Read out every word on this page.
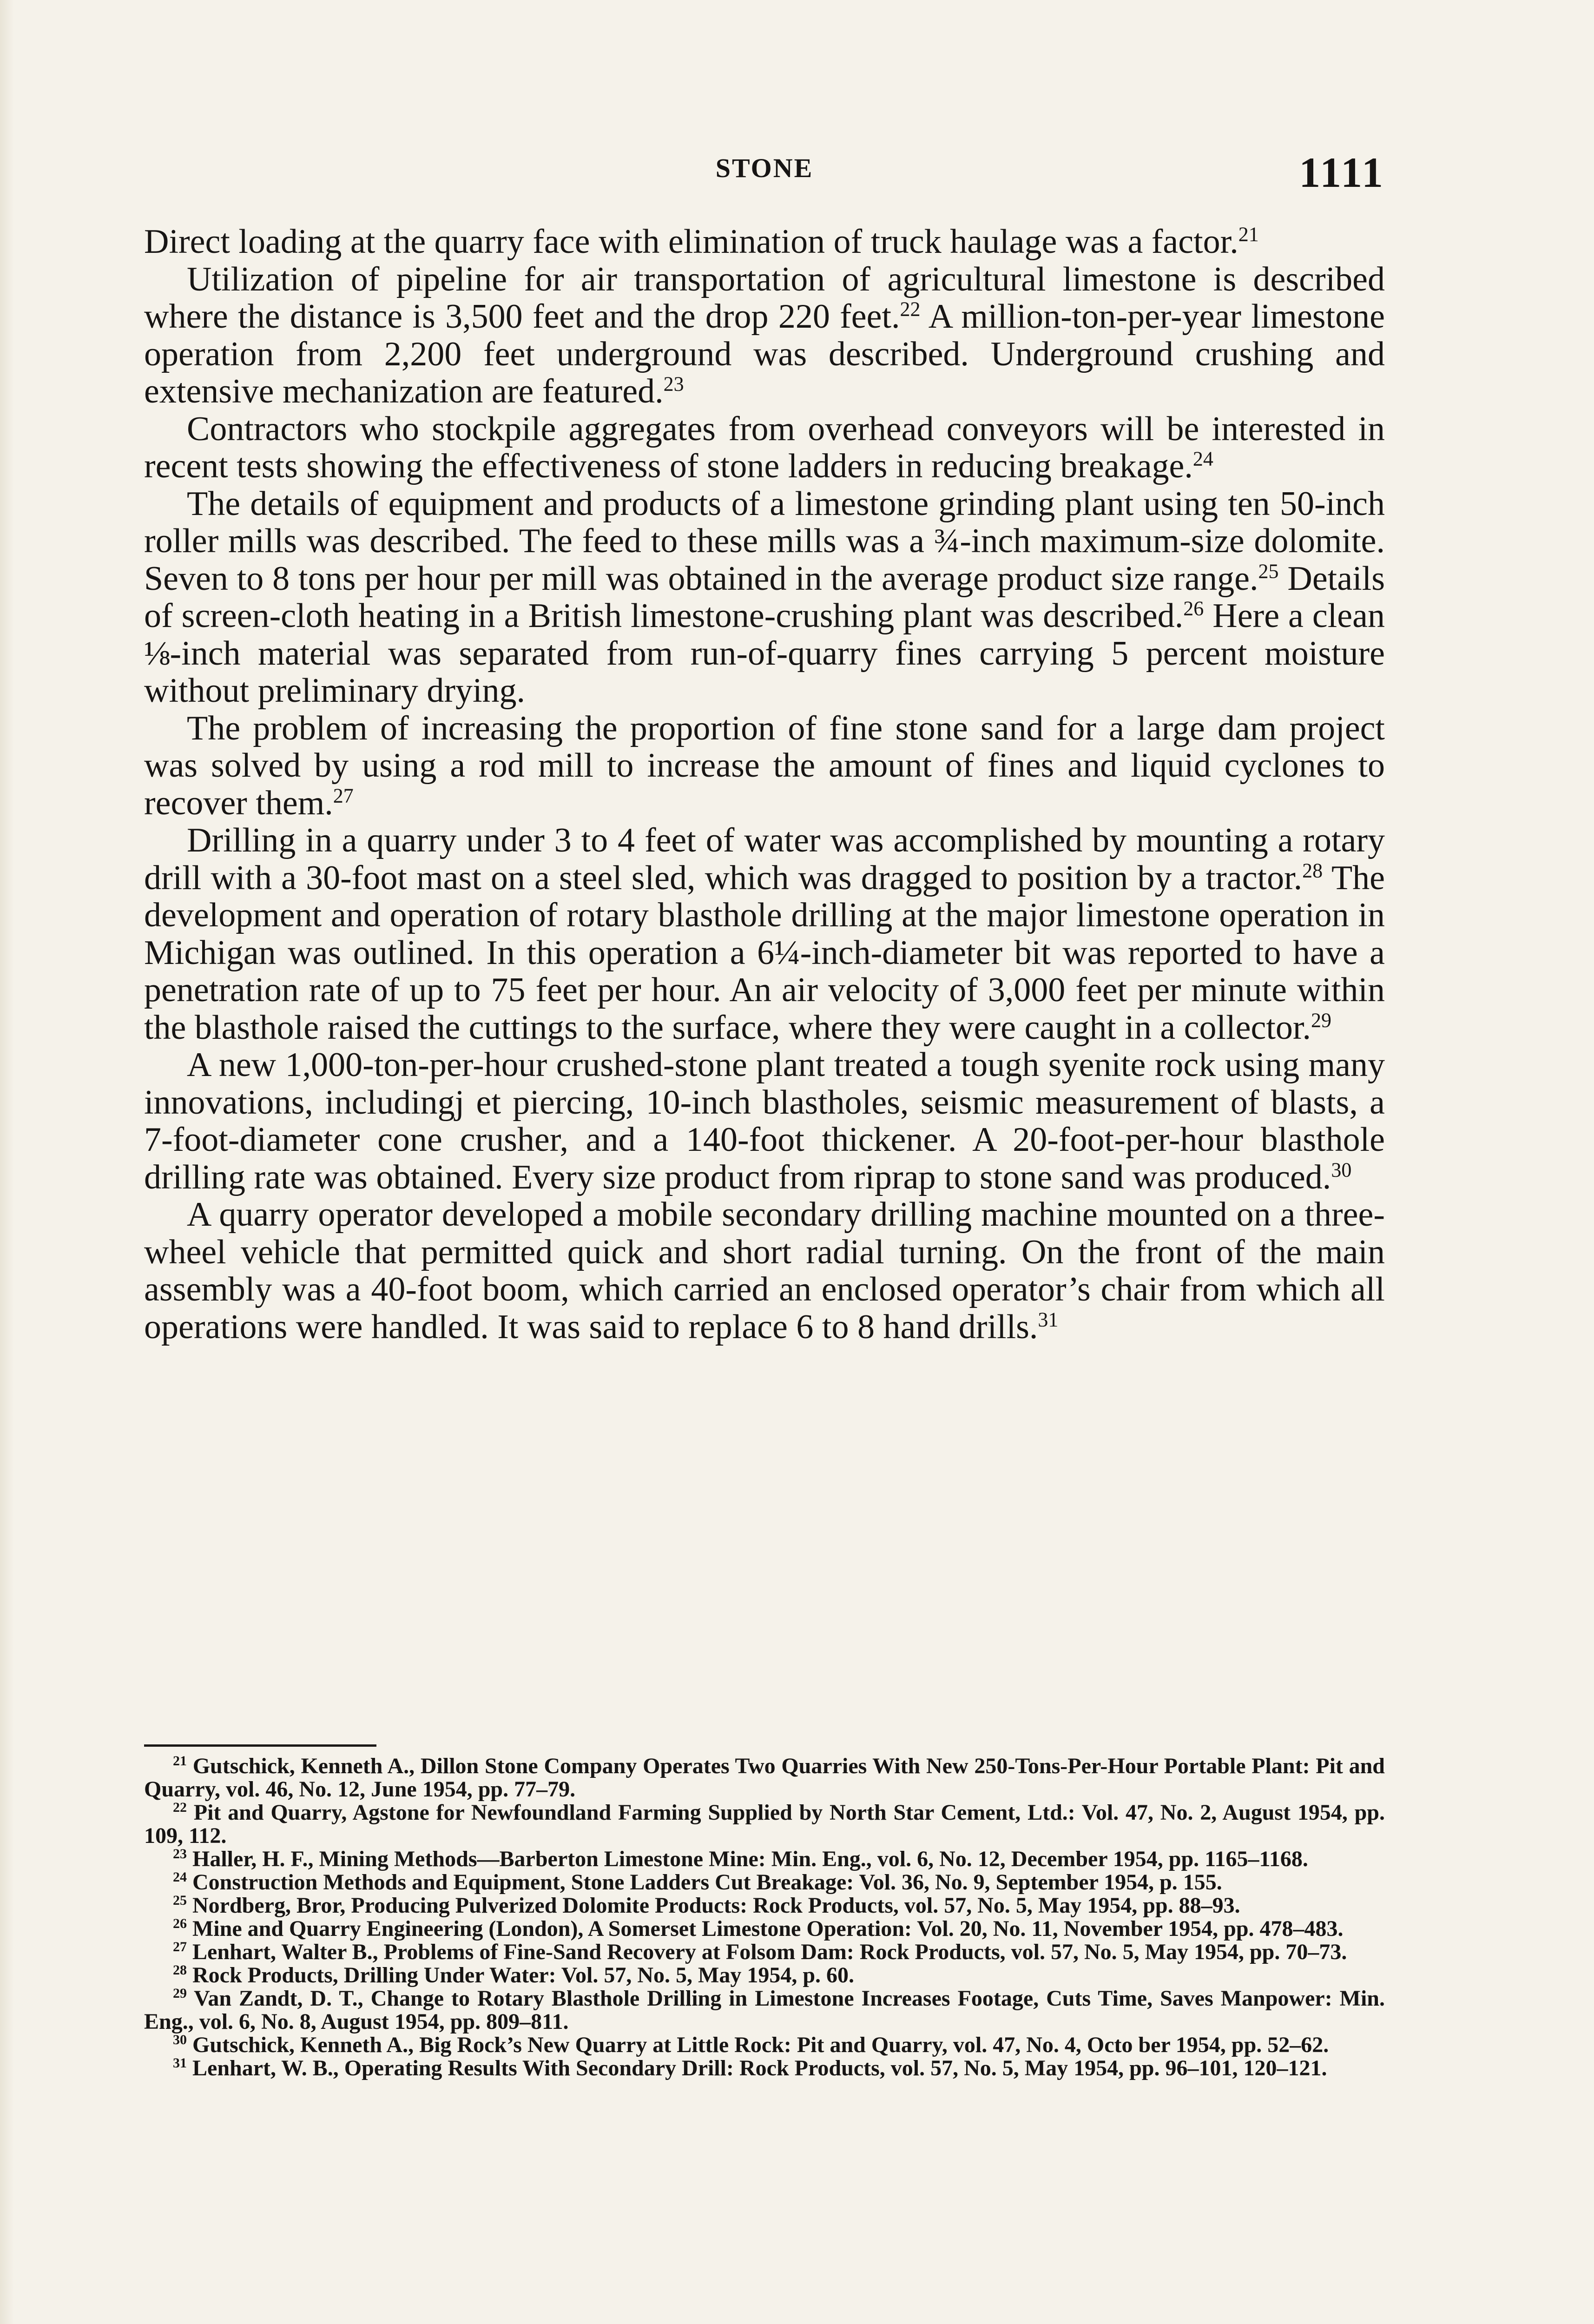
STONE	1111

Direct loading at the quarry face with elimination of truck haulage was a factor.$^{21}$

Utilization of pipeline for air transportation of agricultural limestone is described where the distance is 3,500 feet and the drop 220 feet.$^{22}$ A million-ton-per-year limestone operation from 2,200 feet underground was described. Underground crushing and extensive mechanization are featured.$^{23}$

Contractors who stockpile aggregates from overhead conveyors will be interested in recent tests showing the effectiveness of stone ladders in reducing breakage.$^{24}$

The details of equipment and products of a limestone grinding plant using ten 50-inch roller mills was described. The feed to these mills was a ¾-inch maximum-size dolomite. Seven to 8 tons per hour per mill was obtained in the average product size range.$^{25}$ Details of screen-cloth heating in a British limestone-crushing plant was described.$^{26}$ Here a clean ⅛-inch material was separated from run-of-quarry fines carrying 5 percent moisture without preliminary drying.

The problem of increasing the proportion of fine stone sand for a large dam project was solved by using a rod mill to increase the amount of fines and liquid cyclones to recover them.$^{27}$

Drilling in a quarry under 3 to 4 feet of water was accomplished by mounting a rotary drill with a 30-foot mast on a steel sled, which was dragged to position by a tractor.$^{28}$ The development and operation of rotary blasthole drilling at the major limestone operation in Michigan was outlined. In this operation a 6¼-inch-diameter bit was reported to have a penetration rate of up to 75 feet per hour. An air velocity of 3,000 feet per minute within the blasthole raised the cuttings to the surface, where they were caught in a collector.$^{29}$

A new 1,000-ton-per-hour crushed-stone plant treated a tough syenite rock using many innovations, includingj et piercing, 10-inch blastholes, seismic measurement of blasts, a 7-foot-diameter cone crusher, and a 140-foot thickener. A 20-foot-per-hour blasthole drilling rate was obtained. Every size product from riprap to stone sand was produced.$^{30}$

A quarry operator developed a mobile secondary drilling machine mounted on a three-wheel vehicle that permitted quick and short radial turning. On the front of the main assembly was a 40-foot boom, which carried an enclosed operator’s chair from which all operations were handled. It was said to replace 6 to 8 hand drills.$^{31}$

$^{21}$ Gutschick, Kenneth A., Dillon Stone Company Operates Two Quarries With New 250-Tons-Per-Hour Portable Plant: Pit and Quarry, vol. 46, No. 12, June 1954, pp. 77–79.

$^{22}$ Pit and Quarry, Agstone for Newfoundland Farming Supplied by North Star Cement, Ltd.: Vol. 47, No. 2, August 1954, pp. 109, 112.

$^{23}$ Haller, H. F., Mining Methods—Barberton Limestone Mine: Min. Eng., vol. 6, No. 12, December 1954, pp. 1165–1168.

$^{24}$ Construction Methods and Equipment, Stone Ladders Cut Breakage: Vol. 36, No. 9, September 1954, p. 155.

$^{25}$ Nordberg, Bror, Producing Pulverized Dolomite Products: Rock Products, vol. 57, No. 5, May 1954, pp. 88–93.

$^{26}$ Mine and Quarry Engineering (London), A Somerset Limestone Operation: Vol. 20, No. 11, November 1954, pp. 478–483.

$^{27}$ Lenhart, Walter B., Problems of Fine-Sand Recovery at Folsom Dam: Rock Products, vol. 57, No. 5, May 1954, pp. 70–73.

$^{28}$ Rock Products, Drilling Under Water: Vol. 57, No. 5, May 1954, p. 60.

$^{29}$ Van Zandt, D. T., Change to Rotary Blasthole Drilling in Limestone Increases Footage, Cuts Time, Saves Manpower: Min. Eng., vol. 6, No. 8, August 1954, pp. 809–811.

$^{30}$ Gutschick, Kenneth A., Big Rock’s New Quarry at Little Rock: Pit and Quarry, vol. 47, No. 4, Octo ber 1954, pp. 52–62.

$^{31}$ Lenhart, W. B., Operating Results With Secondary Drill: Rock Products, vol. 57, No. 5, May 1954, pp. 96–101, 120–121.
